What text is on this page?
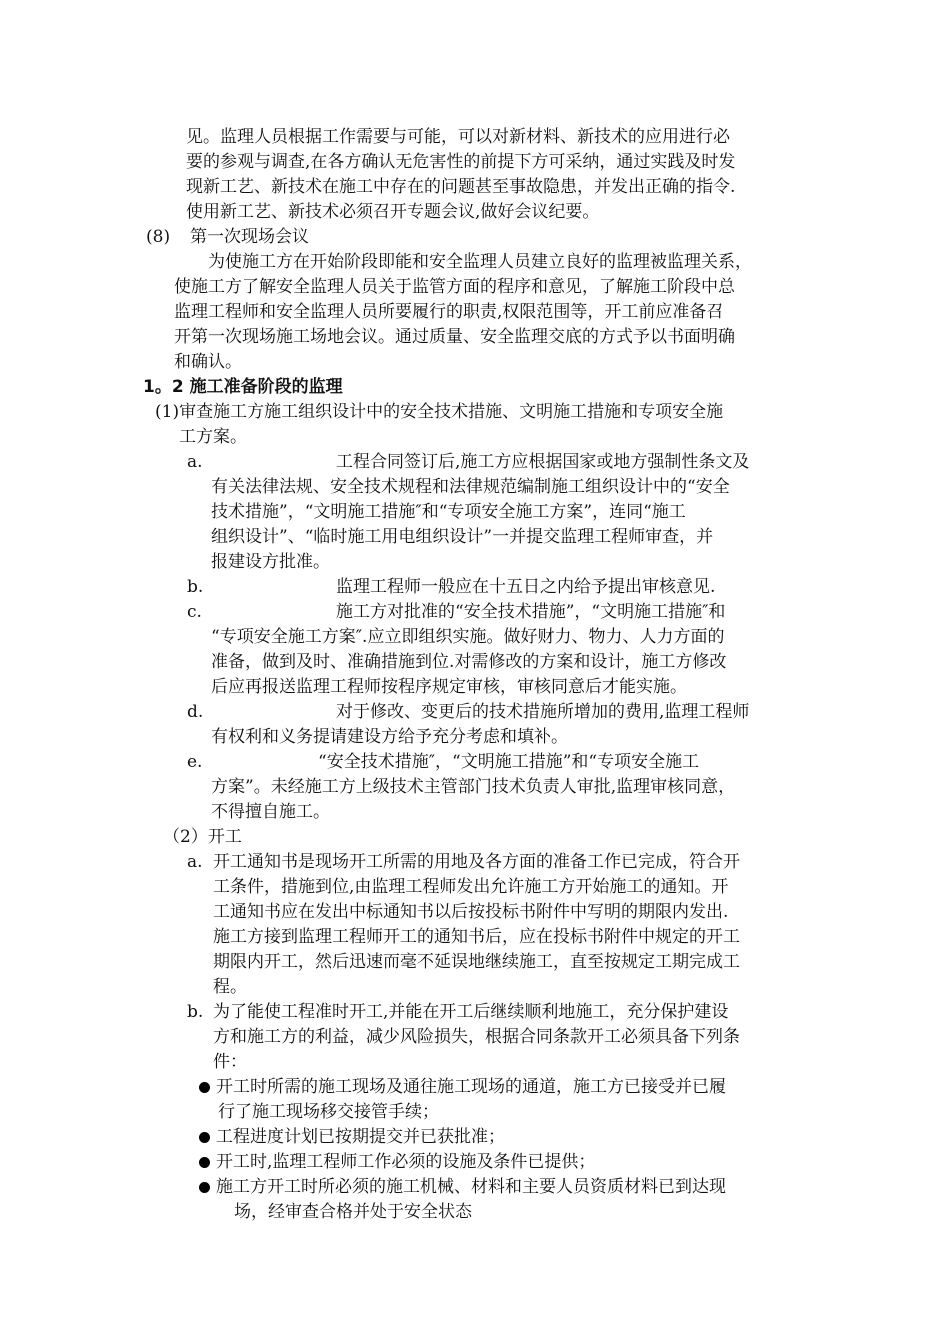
见。监理人员根据工作需要与可能，可以对新材料、新技术的应用进行必
要的参观与调查,在各方确认无危害性的前提下方可采纳，通过实践及时发
现新工艺、新技术在施工中存在的问题甚至事故隐患，并发出正确的指令.
使用新工艺、新技术必须召开专题会议,做好会议纪要。
(8) 第一次现场会议
为使施工方在开始阶段即能和安全监理人员建立良好的监理被监理关系，
使施工方了解安全监理人员关于监管方面的程序和意见，了解施工阶段中总
监理工程师和安全监理人员所要履行的职责,权限范围等，开工前应准备召
开第一次现场施工场地会议。通过质量、安全监理交底的方式予以书面明确
和确认。
1。2 施工准备阶段的监理
(1)审查施工方施工组织设计中的安全技术措施、文明施工措施和专项安全施
工方案。
a.	工程合同签订后,施工方应根据国家或地方强制性条文及
有关法律法规、安全技术规程和法律规范编制施工组织设计中的“安全
技术措施”，“文明施工措施″和“专项安全施工方案”，连同“施工
组织设计”、“临时施工用电组织设计”一并提交监理工程师审查，并
报建设方批准。
b.	监理工程师一般应在十五日之内给予提出审核意见.
c.	施工方对批准的“安全技术措施”，“文明施工措施″和
“专项安全施工方案″.应立即组织实施。做好财力、物力、人力方面的
准备，做到及时、准确措施到位.对需修改的方案和设计，施工方修改
后应再报送监理工程师按程序规定审核，审核同意后才能实施。
d.	对于修改、变更后的技术措施所增加的费用,监理工程师
有权利和义务提请建设方给予充分考虑和填补。
e.	“安全技术措施″，“文明施工措施”和“专项安全施工
方案”。未经施工方上级技术主管部门技术负责人审批,监理审核同意，
不得擅自施工。
（2）开工
a. 开工通知书是现场开工所需的用地及各方面的准备工作已完成，符合开
工条件，措施到位,由监理工程师发出允许施工方开始施工的通知。开
工通知书应在发出中标通知书以后按投标书附件中写明的期限内发出.
施工方接到监理工程师开工的通知书后，应在投标书附件中规定的开工
期限内开工，然后迅速而毫不延误地继续施工，直至按规定工期完成工
程。
b. 为了能使工程准时开工,并能在开工后继续顺利地施工，充分保护建设
方和施工方的利益，减少风险损失，根据合同条款开工必须具备下列条
件：
开工时所需的施工现场及通往施工现场的通道，施工方已接受并已履
行了施工现场移交接管手续；
工程进度计划已按期提交并已获批准；
开工时,监理工程师工作必须的设施及条件已提供；
施工方开工时所必须的施工机械、材料和主要人员资质材料已到达现
场，经审查合格并处于安全状态
